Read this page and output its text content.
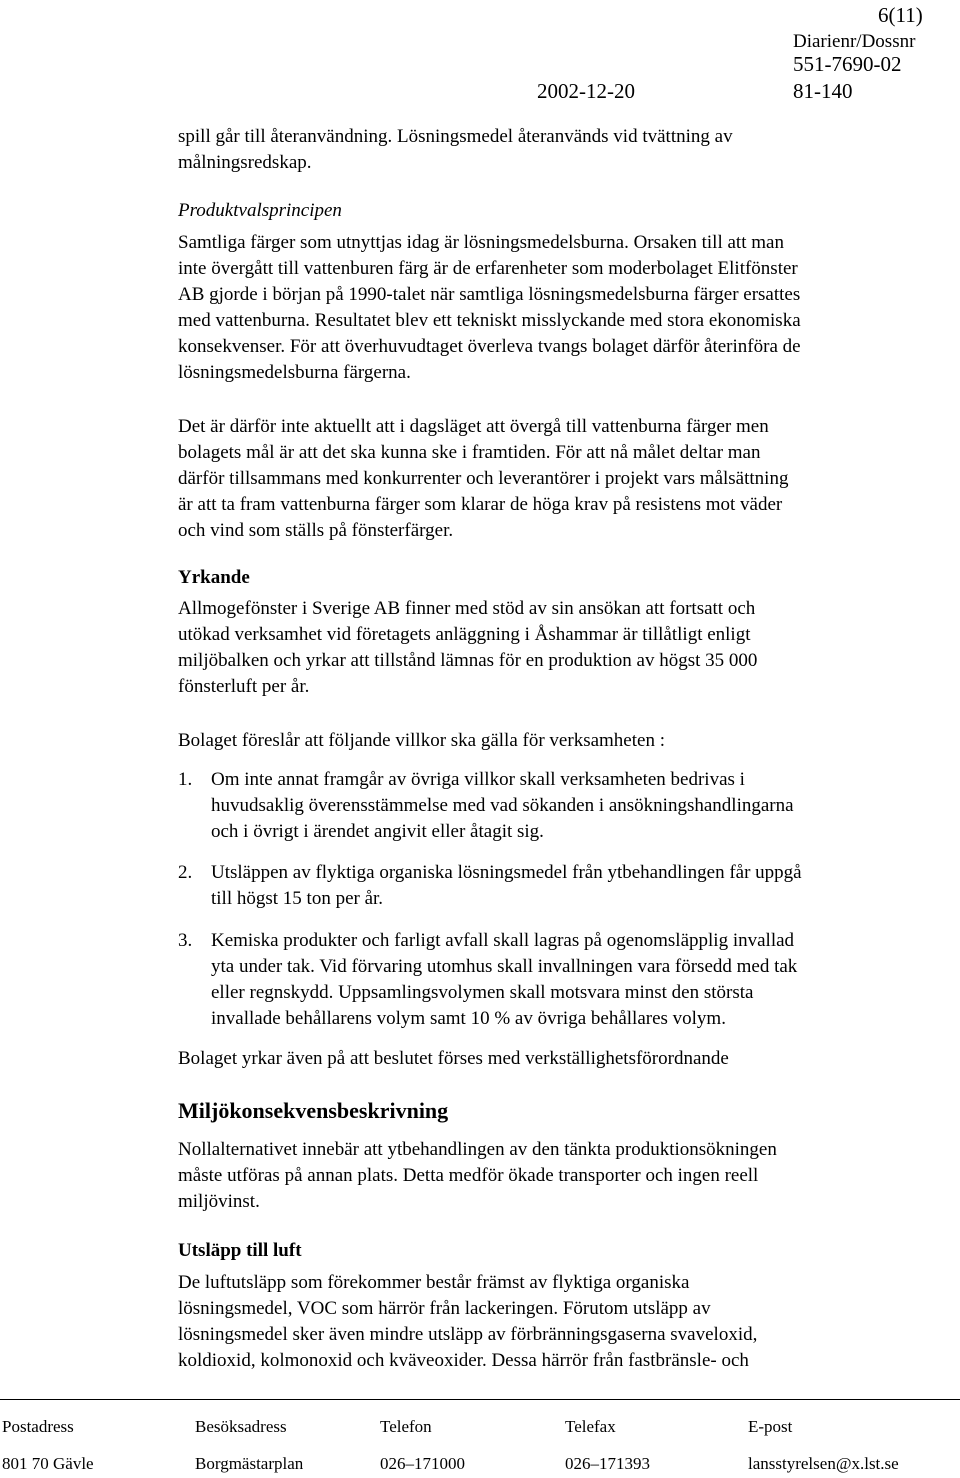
6(11)
Diarienr/Dossnr
551-7690-02
2002-12-20	81-140
spill går till återanvändning. Lösningsmedel återanvänds vid tvättning av
målningsredskap.
Produktvalsprincipen
Samtliga färger som utnyttjas idag är lösningsmedelsburna. Orsaken till att man
inte övergått till vattenburen färg är de erfarenheter som moderbolaget Elitfönster
AB gjorde i början på 1990-talet när samtliga lösningsmedelsburna färger ersattes
med vattenburna. Resultatet blev ett tekniskt misslyckande med stora ekonomiska
konsekvenser. För att överhuvudtaget överleva tvangs bolaget därför återinföra de
lösningsmedelsburna färgerna.
Det är därför inte aktuellt att i dagsläget att övergå till vattenburna färger men
bolagets mål är att det ska kunna ske i framtiden. För att nå målet deltar man
därför tillsammans med konkurrenter och leverantörer i projekt vars målsättning
är att ta fram vattenburna färger som klarar de höga krav på resistens mot väder
och vind som ställs på fönsterfärger.
Yrkande
Allmogefönster i Sverige AB finner med stöd av sin ansökan att fortsatt och
utökad verksamhet vid företagets anläggning i Åshammar är tillåtligt enligt
miljöbalken och yrkar att tillstånd lämnas för en produktion av högst 35 000
fönsterluft per år.
Bolaget föreslår att följande villkor ska gälla för verksamheten :
1. Om inte annat framgår av övriga villkor skall verksamheten bedrivas i
huvudsaklig överensstämmelse med vad sökanden i ansökningshandlingarna
och i övrigt i ärendet angivit eller åtagit sig.
2. Utsläppen av flyktiga organiska lösningsmedel från ytbehandlingen får uppgå
till högst 15 ton per år.
3. Kemiska produkter och farligt avfall skall lagras på ogenomsläpplig invallad
yta under tak. Vid förvaring utomhus skall invallningen vara försedd med tak
eller regnskydd. Uppsamlingsvolymen skall motsvara minst den största
invallade behållarens volym samt 10 % av övriga behållares volym.
Bolaget yrkar även på att beslutet förses med verkställighetsförordnande
Miljökonsekvensbeskrivning
Nollalternativet innebär att ytbehandlingen av den tänkta produktionsökningen
måste utföras på annan plats. Detta medför ökade transporter och ingen reell
miljövinst.
Utsläpp till luft
De luftutsläpp som förekommer består främst av flyktiga organiska
lösningsmedel, VOC som härrör från lackeringen. Förutom utsläpp av
lösningsmedel sker även mindre utsläpp av förbränningsgaserna svaveloxid,
koldioxid, kolmonoxid och kväveoxider. Dessa härrör från fastbränsle- och
Postadress	Besöksadress	Telefon	Telefax	E-post
801 70 Gävle	Borgmästarplan	026–171000	026–171393	lansstyrelsen@x.lst.se
